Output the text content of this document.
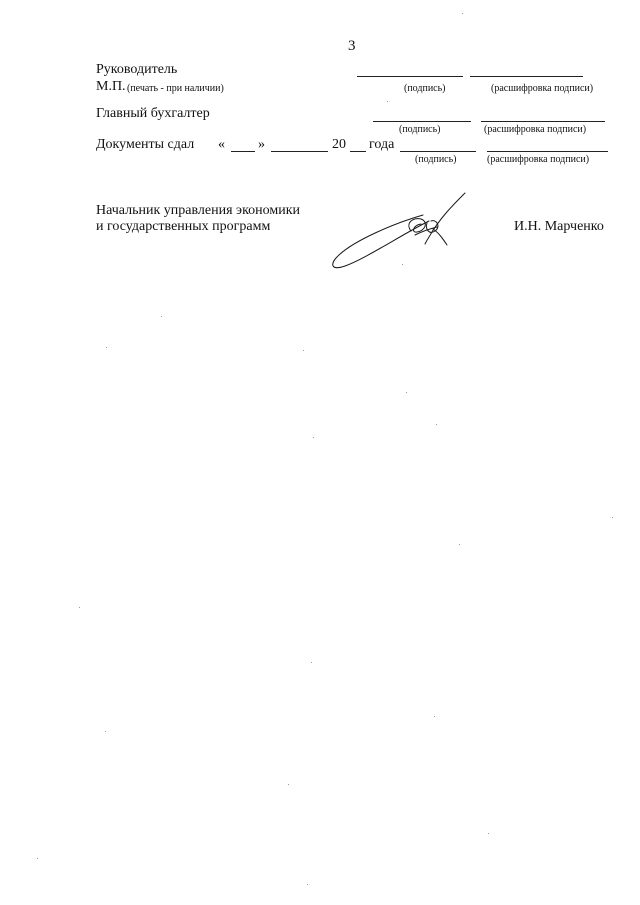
3
Руководитель
М.П. (печать - при наличии)	(подпись)	(расшифровка подписи)
Главный бухгалтер
(подпись)	(расшифровка подписи)
Документы сдал « »	20 года
(подпись)	(расшифровка подписи)
Начальник управления экономики
и государственных программ	И.Н. Марченко
